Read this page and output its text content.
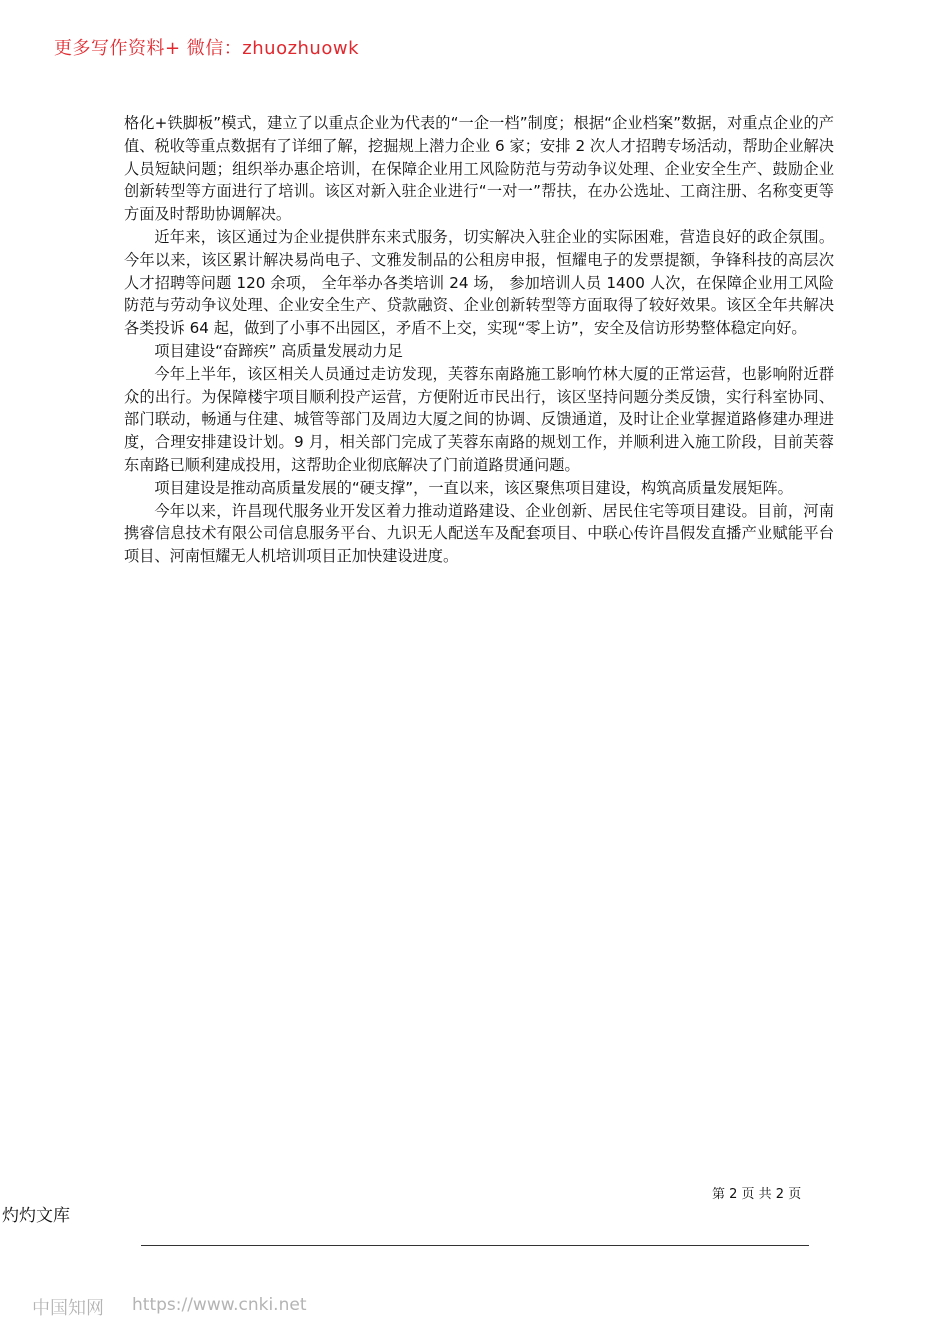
更多写作资料+ 微信：zhuozhuowk

格化+铁脚板”模式，建立了以重点企业为代表的“一企一档”制度；根据“企业档案”数据，对重点企业的产值、税收等重点数据有了详细了解，挖掘规上潜力企业 6 家；安排 2 次人才招聘专场活动，帮助企业解决人员短缺问题；组织举办惠企培训，在保障企业用工风险防范与劳动争议处理、企业安全生产、鼓励企业创新转型等方面进行了培训。该区对新入驻企业进行“一对一”帮扶，在办公选址、工商注册、名称变更等方面及时帮助协调解决。

近年来，该区通过为企业提供胖东来式服务，切实解决入驻企业的实际困难，营造良好的政企氛围。今年以来，该区累计解决易尚电子、文雅发制品的公租房申报，恒耀电子的发票提额，争锋科技的高层次人才招聘等问题 120 余项， 全年举办各类培训 24 场， 参加培训人员 1400 人次，在保障企业用工风险防范与劳动争议处理、企业安全生产、贷款融资、企业创新转型等方面取得了较好效果。该区全年共解决各类投诉 64 起，做到了小事不出园区，矛盾不上交，实现“零上访”，安全及信访形势整体稳定向好。

项目建设“奋蹄疾” 高质量发展动力足

今年上半年，该区相关人员通过走访发现，芙蓉东南路施工影响竹林大厦的正常运营，也影响附近群众的出行。为保障楼宇项目顺利投产运营，方便附近市民出行，该区坚持问题分类反馈，实行科室协同、部门联动，畅通与住建、城管等部门及周边大厦之间的协调、反馈通道，及时让企业掌握道路修建办理进度，合理安排建设计划。9 月，相关部门完成了芙蓉东南路的规划工作，并顺利进入施工阶段，目前芙蓉东南路已顺利建成投用，这帮助企业彻底解决了门前道路贯通问题。

项目建设是推动高质量发展的“硬支撑”，一直以来，该区聚焦项目建设，构筑高质量发展矩阵。

今年以来，许昌现代服务业开发区着力推动道路建设、企业创新、居民住宅等项目建设。目前，河南携睿信息技术有限公司信息服务平台、九识无人配送车及配套项目、中联心传许昌假发直播产业赋能平台项目、河南恒耀无人机培训项目正加快建设进度。

第 2 页 共 2 页
灼灼文库
中国知网 https://www.cnki.net
